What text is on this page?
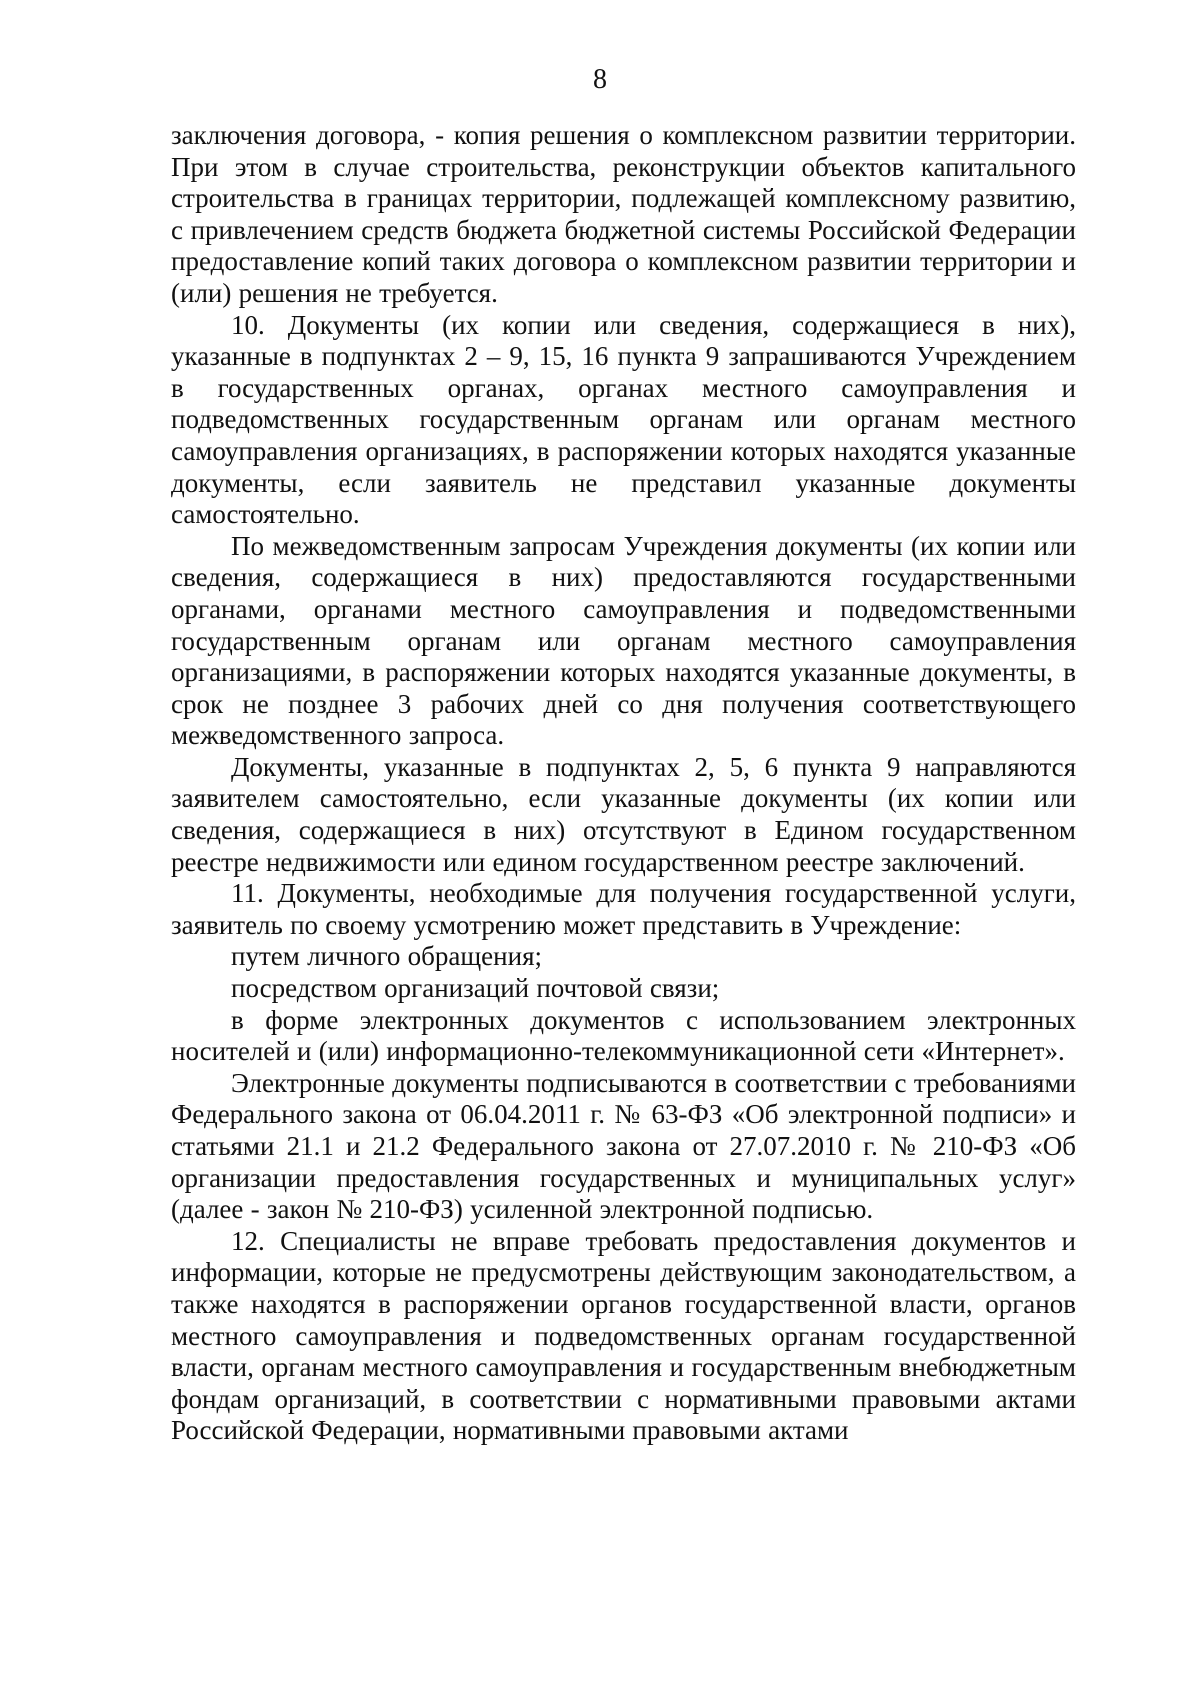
8

заключения договора, - копия решения о комплексном развитии территории. При этом в случае строительства, реконструкции объектов капитального строительства в границах территории, подлежащей комплексному развитию, с привлечением средств бюджета бюджетной системы Российской Федерации предоставление копий таких договора о комплексном развитии территории и (или) решения не требуется.

10. Документы (их копии или сведения, содержащиеся в них), указанные в подпунктах 2 – 9, 15, 16 пункта 9 запрашиваются Учреждением в государственных органах, органах местного самоуправления и подведомственных государственным органам или органам местного самоуправления организациях, в распоряжении которых находятся указанные документы, если заявитель не представил указанные документы самостоятельно.

По межведомственным запросам Учреждения документы (их копии или сведения, содержащиеся в них) предоставляются государственными органами, органами местного самоуправления и подведомственными государственным органам или органам местного самоуправления организациями, в распоряжении которых находятся указанные документы, в срок не позднее 3 рабочих дней со дня получения соответствующего межведомственного запроса.

Документы, указанные в подпунктах 2, 5, 6 пункта 9 направляются заявителем самостоятельно, если указанные документы (их копии или сведения, содержащиеся в них) отсутствуют в Едином государственном реестре недвижимости или едином государственном реестре заключений.

11. Документы, необходимые для получения государственной услуги, заявитель по своему усмотрению может представить в Учреждение:

путем личного обращения;

посредством организаций почтовой связи;

в форме электронных документов с использованием электронных носителей и (или) информационно-телекоммуникационной сети «Интернет».

Электронные документы подписываются в соответствии с требованиями Федерального закона от 06.04.2011 г. № 63-ФЗ «Об электронной подписи» и статьями 21.1 и 21.2 Федерального закона от 27.07.2010 г. № 210-ФЗ «Об организации предоставления государственных и муниципальных услуг» (далее - закон № 210-ФЗ) усиленной электронной подписью.

12. Специалисты не вправе требовать предоставления документов и информации, которые не предусмотрены действующим законодательством, а также находятся в распоряжении органов государственной власти, органов местного самоуправления и подведомственных органам государственной власти, органам местного самоуправления и государственным внебюджетным фондам организаций, в соответствии с нормативными правовыми актами Российской Федерации, нормативными правовыми актами
